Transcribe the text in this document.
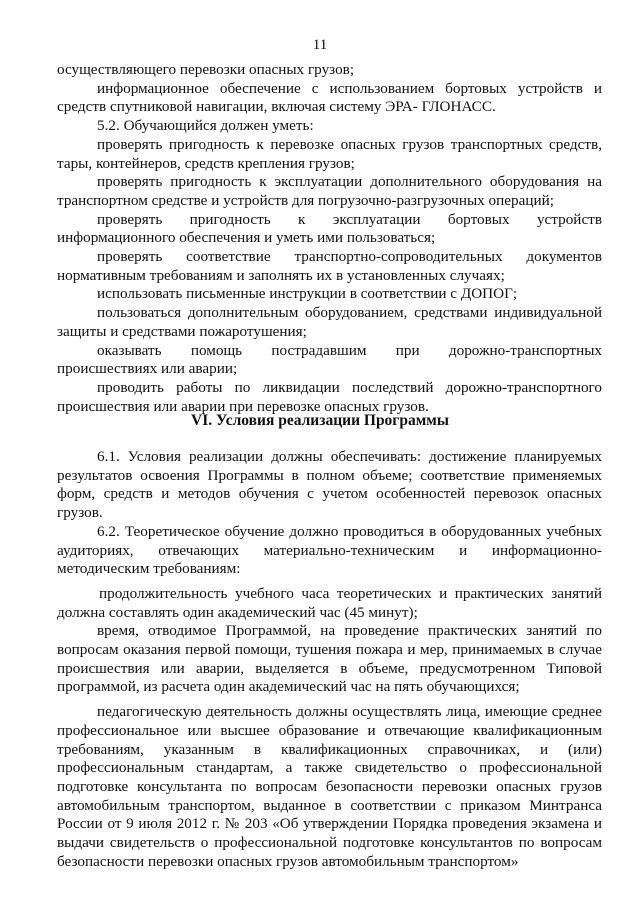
11

осуществляющего перевозки опасных грузов;

информационное обеспечение с использованием бортовых устройств и средств спутниковой навигации, включая систему ЭРА- ГЛОНАСС.

5.2. Обучающийся должен уметь:

проверять пригодность к перевозке опасных грузов транспортных средств, тары, контейнеров, средств крепления грузов;

проверять пригодность к эксплуатации дополнительного оборудования на транспортном средстве и устройств для погрузочно-разгрузочных операций;

проверять пригодность к эксплуатации бортовых устройств информационного обеспечения и уметь ими пользоваться;

проверять соответствие транспортно-сопроводительных документов нормативным требованиям и заполнять их в установленных случаях;

использовать письменные инструкции в соответствии с ДОПОГ;

пользоваться дополнительным оборудованием, средствами индивидуальной защиты и средствами пожаротушения;

оказывать помощь пострадавшим при дорожно-транспортных происшествиях или аварии;

проводить работы по ликвидации последствий дорожно-транспортного происшествия или аварии при перевозке опасных грузов.

VI. Условия реализации Программы

6.1. Условия реализации должны обеспечивать: достижение планируемых результатов освоения Программы в полном объеме; соответствие применяемых форм, средств и методов обучения с учетом особенностей перевозок опасных грузов.

6.2. Теоретическое обучение должно проводиться в оборудованных учебных аудиториях, отвечающих материально-техническим и информационно-методическим требованиям:

продолжительность учебного часа теоретических и практических занятий должна составлять один академический час (45 минут);

время, отводимое Программой, на проведение практических занятий по вопросам оказания первой помощи, тушения пожара и мер, принимаемых в случае происшествия или аварии, выделяется в объеме, предусмотренном Типовой программой, из расчета один академический час на пять обучающихся;

педагогическую деятельность должны осуществлять лица, имеющие среднее профессиональное или высшее образование и отвечающие квалификационным требованиям, указанным в квалификационных справочниках, и (или) профессиональным стандартам, а также свидетельство о профессиональной подготовке консультанта по вопросам безопасности перевозки опасных грузов автомобильным транспортом, выданное в соответствии с приказом Минтранса России от 9 июля 2012 г. № 203 «Об утверждении Порядка проведения экзамена и выдачи свидетельств о профессиональной подготовке консультантов по вопросам безопасности перевозки опасных грузов автомобильным транспортом»
